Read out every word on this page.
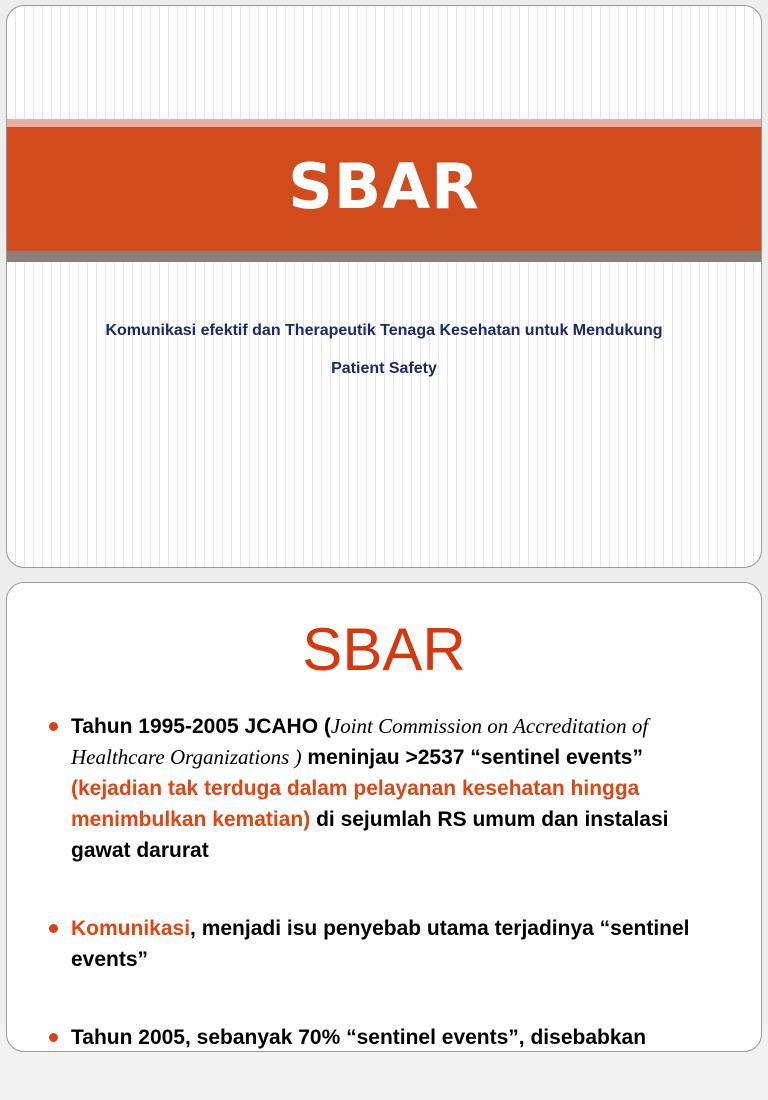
SBAR
Komunikasi efektif dan Therapeutik Tenaga Kesehatan untuk Mendukung
Patient Safety
SBAR
Tahun 1995-2005 JCAHO (Joint Commission on Accreditation of Healthcare Organizations ) meninjau >2537 “sentinel events” (kejadian tak terduga dalam pelayanan kesehatan hingga menimbulkan kematian) di sejumlah RS umum dan instalasi gawat darurat
Komunikasi, menjadi isu penyebab utama terjadinya “sentinel events”
Tahun 2005, sebanyak 70% “sentinel events”, disebabkan
